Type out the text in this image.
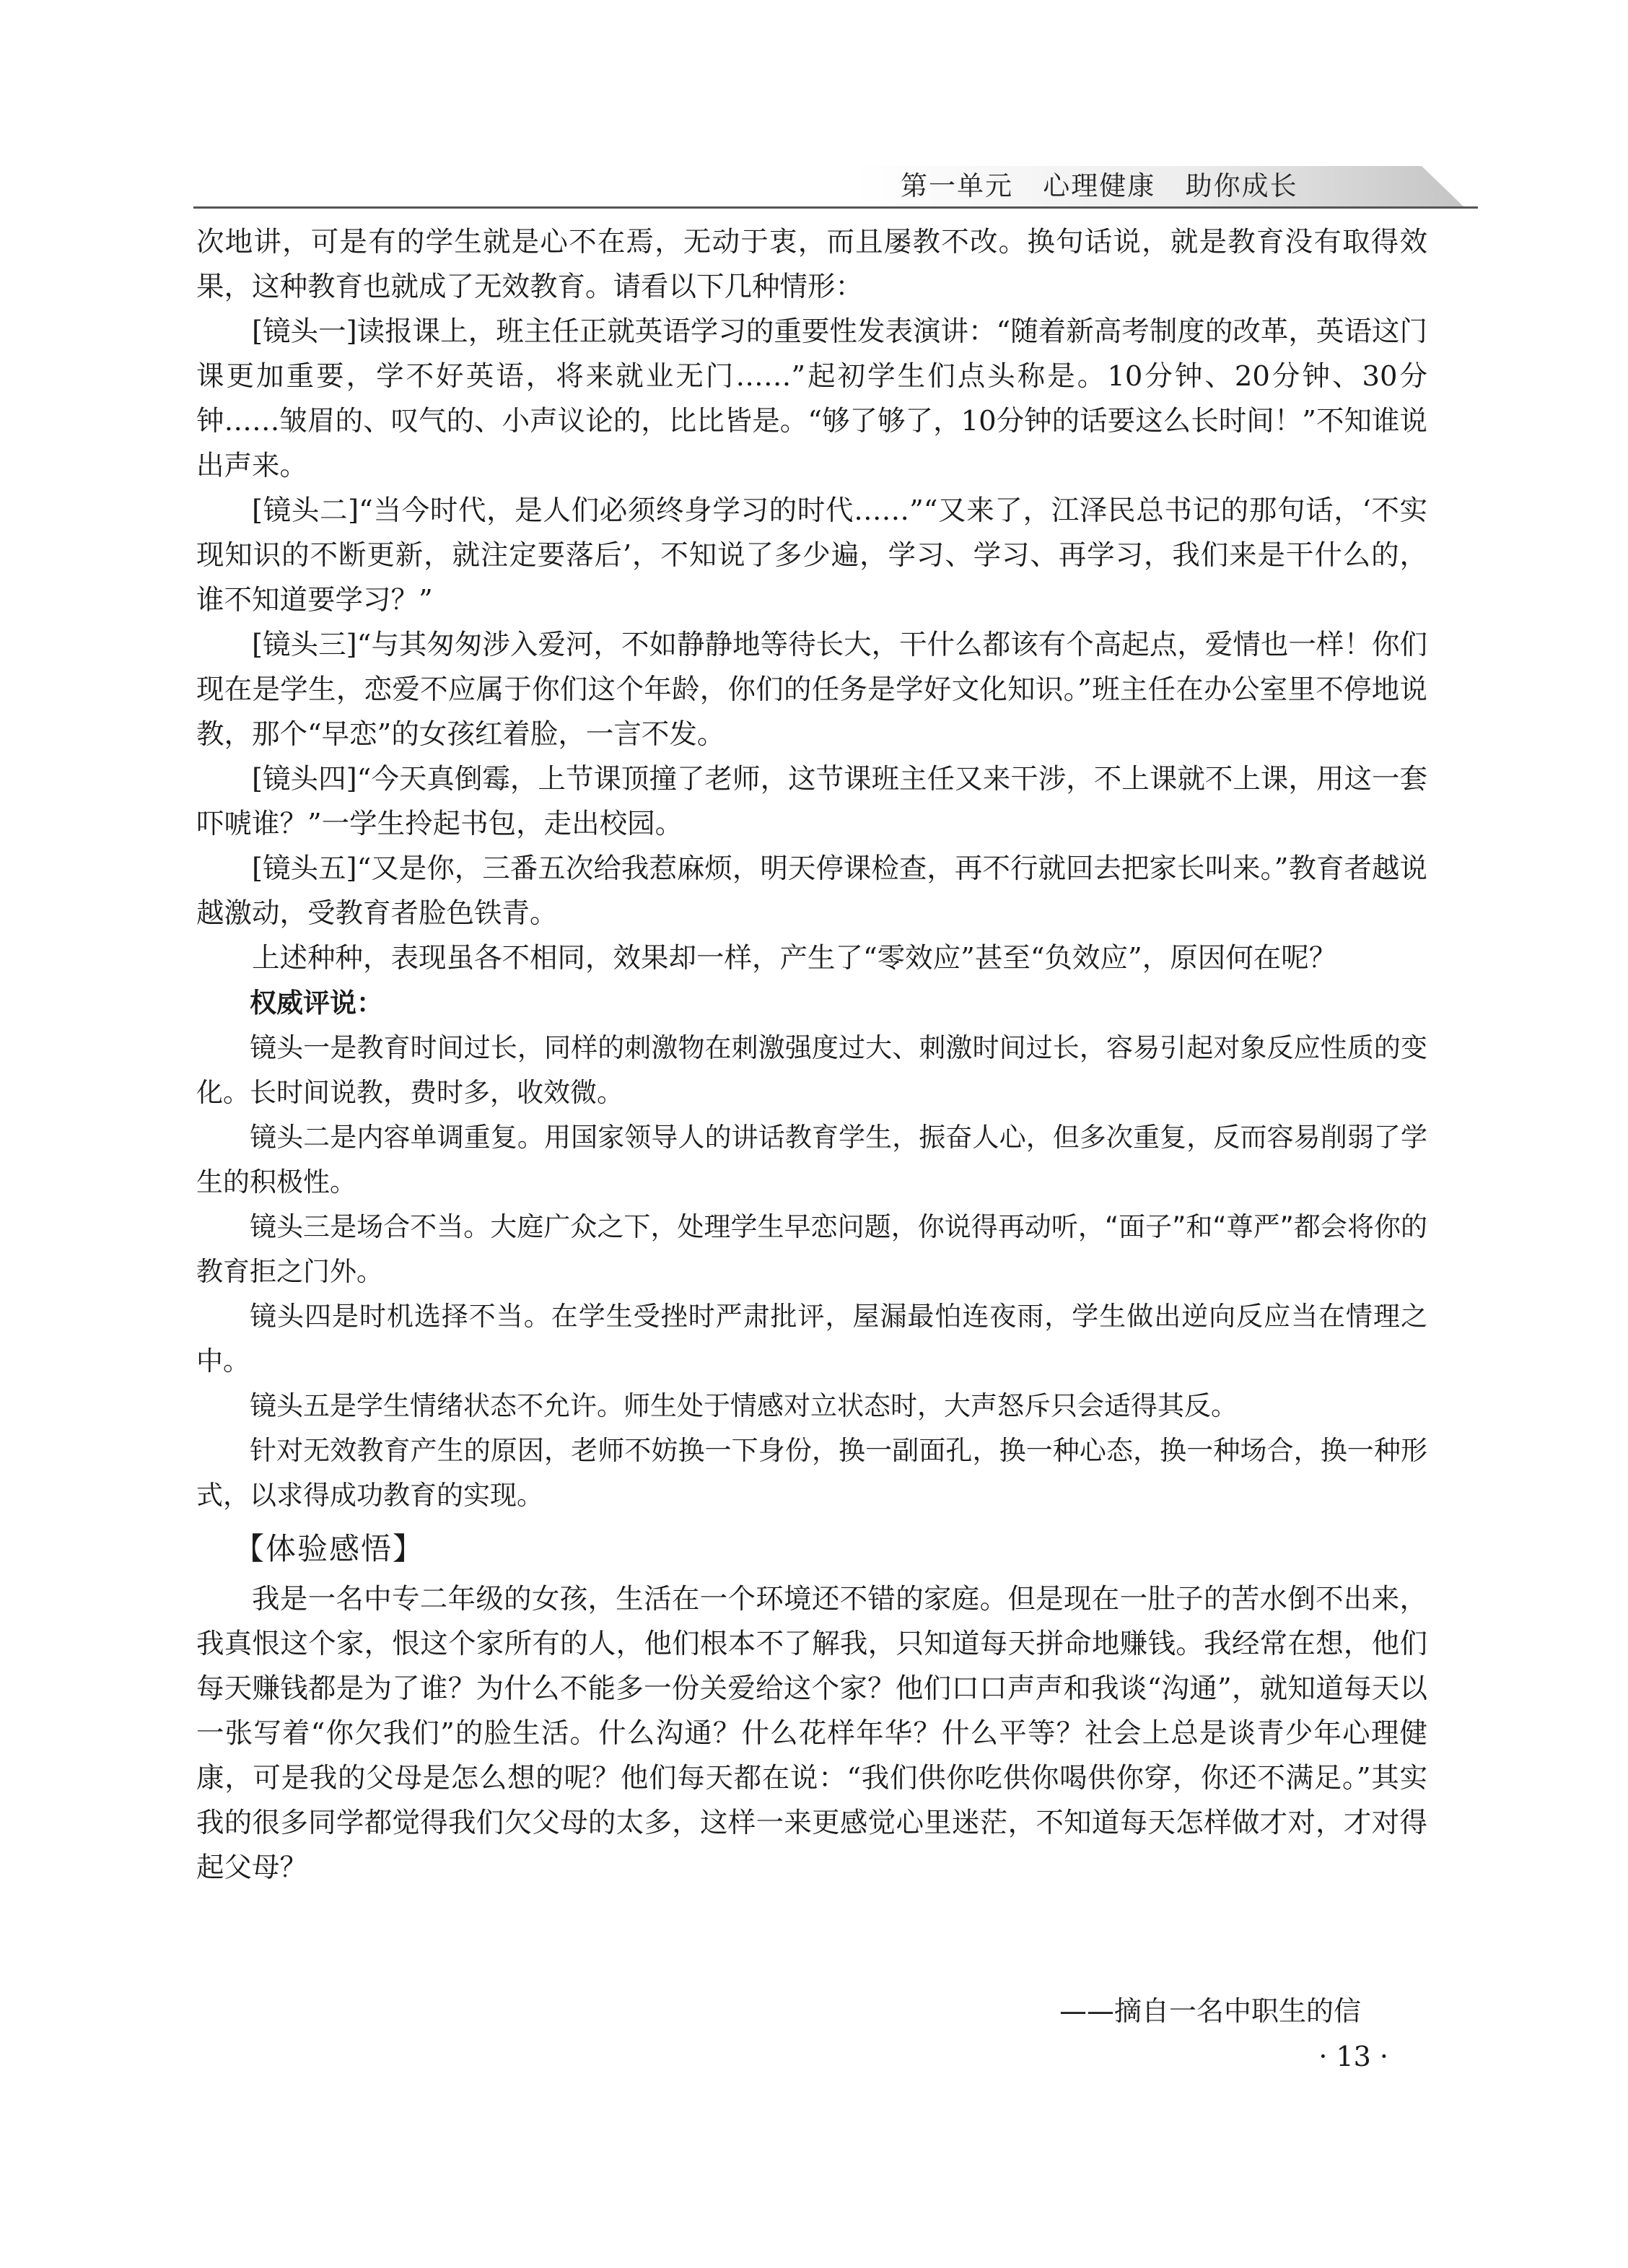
第一单元   心理健康   助你成长

次地讲，可是有的学生就是心不在焉，无动于衷，而且屡教不改。换句话说，就是教育没有取得效果，这种教育也就成了无效教育。请看以下几种情形：

[镜头一]读报课上，班主任正就英语学习的重要性发表演讲：“随着新高考制度的改革，英语这门课更加重要，学不好英语，将来就业无门……”起初学生们点头称是。10分钟、20分钟、30分钟……皱眉的、叹气的、小声议论的，比比皆是。“够了够了，10分钟的话要这么长时间！”不知谁说出声来。

[镜头二]“当今时代，是人们必须终身学习的时代……”“又来了，江泽民总书记的那句话，‘不实现知识的不断更新，就注定要落后’，不知说了多少遍，学习、学习、再学习，我们来是干什么的，谁不知道要学习？”

[镜头三]“与其匆匆涉入爱河，不如静静地等待长大，干什么都该有个高起点，爱情也一样！你们现在是学生，恋爱不应属于你们这个年龄，你们的任务是学好文化知识。”班主任在办公室里不停地说教，那个“早恋”的女孩红着脸，一言不发。

[镜头四]“今天真倒霉，上节课顶撞了老师，这节课班主任又来干涉，不上课就不上课，用这一套吓唬谁？”一学生拎起书包，走出校园。

[镜头五]“又是你，三番五次给我惹麻烦，明天停课检查，再不行就回去把家长叫来。”教育者越说越激动，受教育者脸色铁青。

上述种种，表现虽各不相同，效果却一样，产生了“零效应”甚至“负效应”，原因何在呢？

权威评说：

镜头一是教育时间过长，同样的刺激物在刺激强度过大、刺激时间过长，容易引起对象反应性质的变化。长时间说教，费时多，收效微。

镜头二是内容单调重复。用国家领导人的讲话教育学生，振奋人心，但多次重复，反而容易削弱了学生的积极性。

镜头三是场合不当。大庭广众之下，处理学生早恋问题，你说得再动听，“面子”和“尊严”都会将你的教育拒之门外。

镜头四是时机选择不当。在学生受挫时严肃批评，屋漏最怕连夜雨，学生做出逆向反应当在情理之中。

镜头五是学生情绪状态不允许。师生处于情感对立状态时，大声怒斥只会适得其反。

针对无效教育产生的原因，老师不妨换一下身份，换一副面孔，换一种心态，换一种场合，换一种形式，以求得成功教育的实现。

【体验感悟】

我是一名中专二年级的女孩，生活在一个环境还不错的家庭。但是现在一肚子的苦水倒不出来，我真恨这个家，恨这个家所有的人，他们根本不了解我，只知道每天拼命地赚钱。我经常在想，他们每天赚钱都是为了谁？为什么不能多一份关爱给这个家？他们口口声声和我谈“沟通”，就知道每天以一张写着“你欠我们”的脸生活。什么沟通？什么花样年华？什么平等？社会上总是谈青少年心理健康，可是我的父母是怎么想的呢？他们每天都在说：“我们供你吃供你喝供你穿，你还不满足。”其实我的很多同学都觉得我们欠父母的太多，这样一来更感觉心里迷茫，不知道每天怎样做才对，才对得起父母？

——摘自一名中职生的信
· 13 ·
